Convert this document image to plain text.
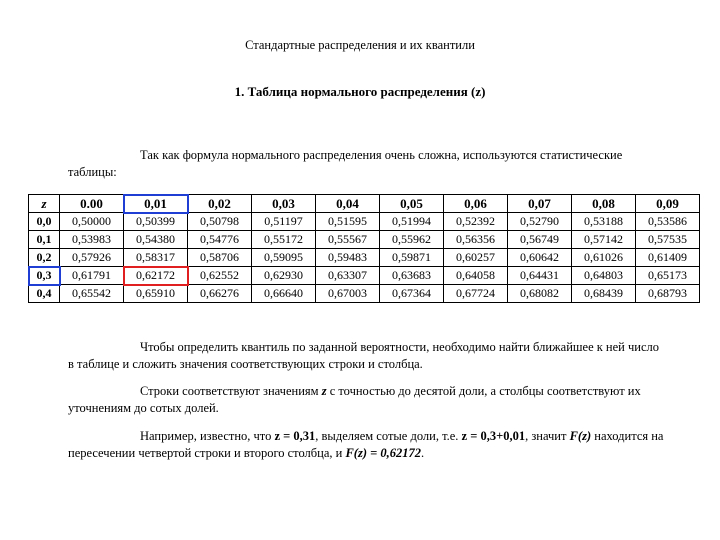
Стандартные распределения и их квантили
1. Таблица нормального распределения (z)

Так как формула нормального распределения очень сложна, используются статистические таблицы:

z	0.00	0,01	0,02	0,03	0,04	0,05	0,06	0,07	0,08	0,09
0,0	0,50000	0,50399	0,50798	0,51197	0,51595	0,51994	0,52392	0,52790	0,53188	0,53586
0,1	0,53983	0,54380	0,54776	0,55172	0,55567	0,55962	0,56356	0,56749	0,57142	0,57535
0,2	0,57926	0,58317	0,58706	0,59095	0,59483	0,59871	0,60257	0,60642	0,61026	0,61409
0,3	0,61791	0,62172	0,62552	0,62930	0,63307	0,63683	0,64058	0,64431	0,64803	0,65173
0,4	0,65542	0,65910	0,66276	0,66640	0,67003	0,67364	0,67724	0,68082	0,68439	0,68793

Чтобы определить квантиль по заданной вероятности, необходимо найти ближайшее к ней число в таблице и сложить значения соответствующих строки и столбца.

Строки соответствуют значениям z с точностью до десятой доли, а столбцы соответствуют их уточнениям до сотых долей.

Например, известно, что z = 0,31, выделяем сотые доли, т.е. z = 0,3+0,01, значит F(z) находится на пересечении четвертой строки и второго столбца, и F(z) = 0,62172.
